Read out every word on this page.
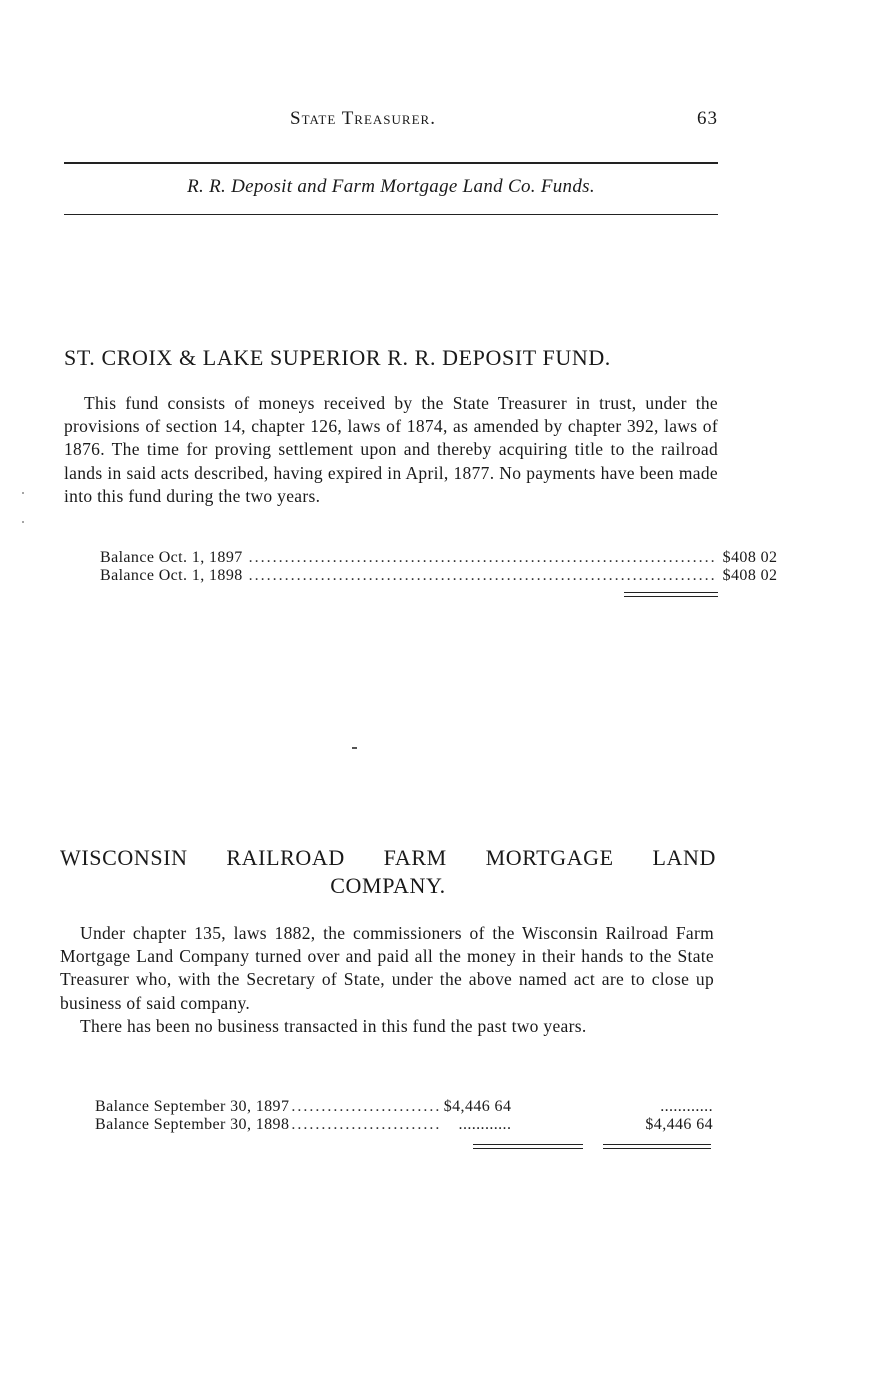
State Treasurer.	63
R. R. Deposit and Farm Mortgage Land Co. Funds.
ST. CROIX & LAKE SUPERIOR R. R. DEPOSIT FUND.

This fund consists of moneys received by the State Treasurer in trust, under the provisions of section 14, chapter 126, laws of 1874, as amended by chapter 392, laws of 1876. The time for proving settlement upon and thereby acquiring title to the railroad lands in said acts described, having expired in April, 1877. No payments have been made into this fund during the two years.

Balance Oct. 1, 1897 .............................................................................. $408 02
Balance Oct. 1, 1898 .............................................................................. $408 02
WISCONSIN RAILROAD FARM MORTGAGE LAND
COMPANY.

Under chapter 135, laws 1882, the commissioners of the Wisconsin Railroad Farm Mortgage Land Company turned over and paid all the money in their hands to the State Treasurer who, with the Secretary of State, under the above named act are to close up business of said company.

There has been no business transacted in this fund the past two years.

Balance September 30, 1897 ......................... $4,446 64	............
Balance September 30, 1898 .........................	............	$4,446 64
